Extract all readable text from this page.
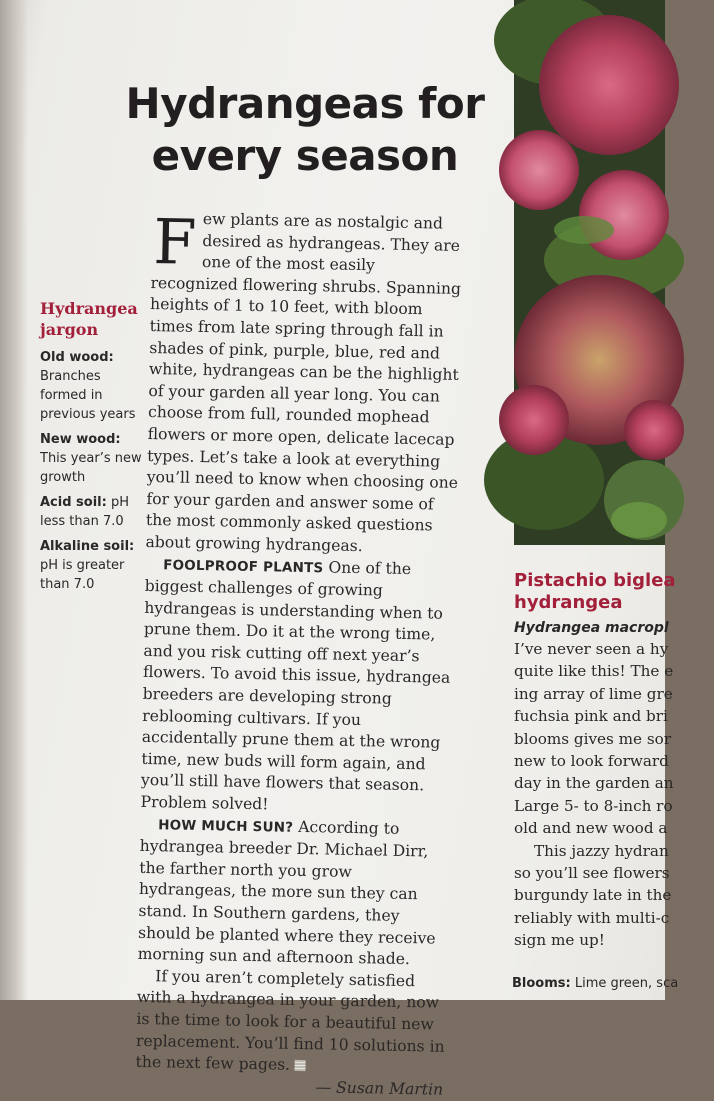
Hydrangeas for
every season
Hydrangea jargon
Old wood: Branches formed in previous years
New wood: This year’s new growth
Acid soil: pH less than 7.0
Alkaline soil: pH is greater than 7.0

Few plants are as nostalgic and desired as hydrangeas. They are one of the most easily recognized flowering shrubs. Spanning heights of 1 to 10 feet, with bloom times from late spring through fall in shades of pink, purple, blue, red and white, hydrangeas can be the highlight of your garden all year long. You can choose from full, rounded mophead flowers or more open, delicate lacecap types. Let’s take a look at everything you’ll need to know when choosing one for your garden and answer some of the most commonly asked questions about growing hydrangeas.

FOOLPROOF PLANTS One of the biggest challenges of growing hydrangeas is understanding when to prune them. Do it at the wrong time, and you risk cutting off next year’s flowers. To avoid this issue, hydrangea breeders are developing strong reblooming cultivars. If you accidentally prune them at the wrong time, new buds will form again, and you’ll still have flowers that season. Problem solved!

HOW MUCH SUN? According to hydrangea breeder Dr. Michael Dirr, the farther north you grow hydrangeas, the more sun they can stand. In Southern gardens, they should be planted where they receive morning sun and afternoon shade.

If you aren’t completely satisfied with a hydrangea in your garden, now is the time to look for a beautiful new replacement. You’ll find 10 solutions in the next few pages.

— Susan Martin

Pistachio biglea
hydrangea
Hydrangea macropl
I’ve never seen a hy
quite like this! The e
ing array of lime gre
fuchsia pink and bri
blooms gives me sor
new to look forward
day in the garden an
Large 5- to 8-inch ro
old and new wood a
This jazzy hydran
so you’ll see flowers
burgundy late in the
reliably with multi-c
sign me up!
Blooms: Lime green, sca
